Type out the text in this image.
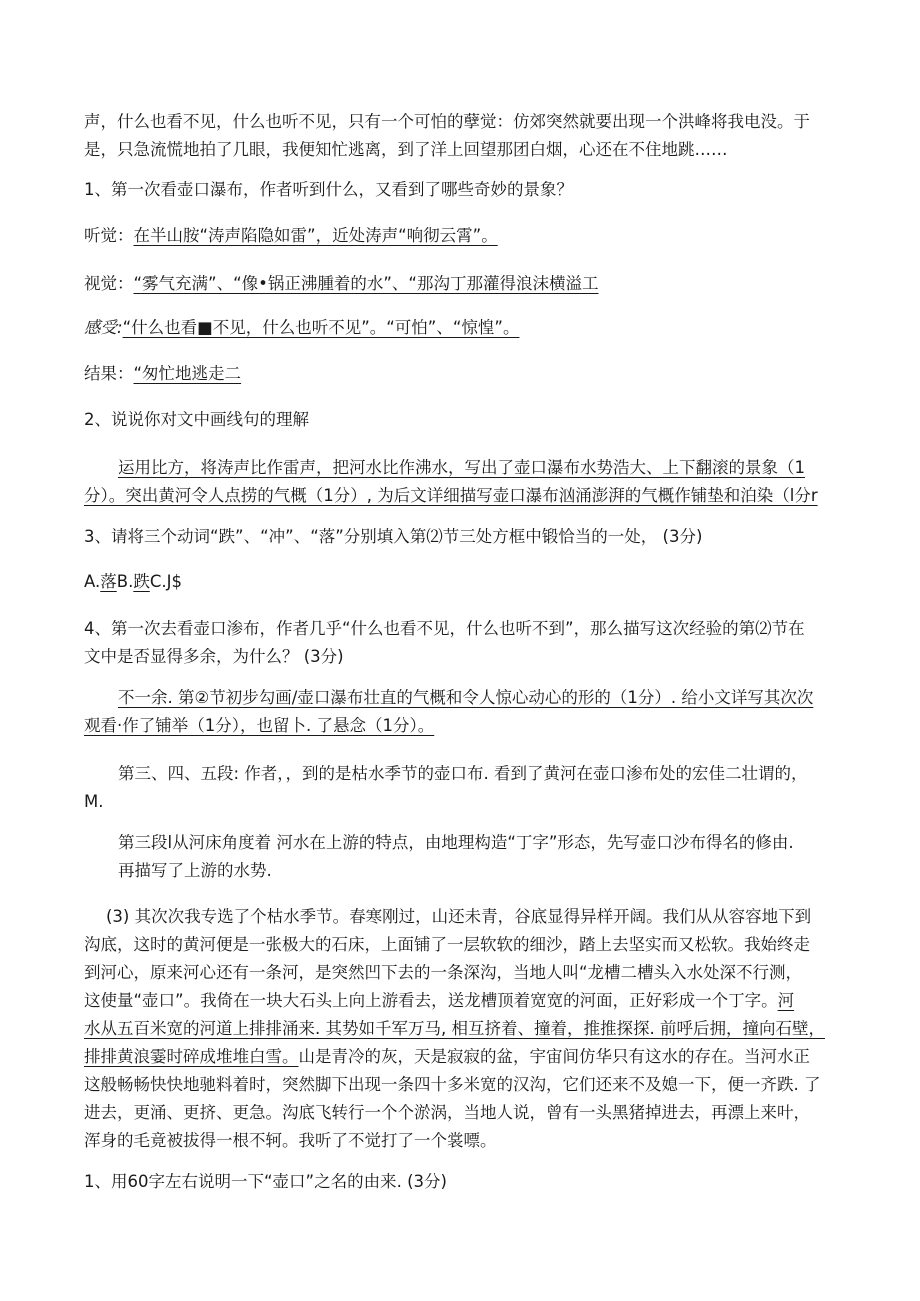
声，什么也看不见，什么也听不见，只有一个可怕的孽觉：仿郊突然就要出现一个洪峰将我电没。于
是，只急流慌地拍了几眼，我便知忙逃离，到了洋上回望那团白烟，心还在不住地跳……
1、第一次看壶口瀑布，作者听到什么，又看到了哪些奇妙的景象？
听觉：在半山胺“涛声陷隐如雷”，近处涛声“响彻云霄”。
视觉：“雾气充满”、“像•锅正沸腫着的水”、“那沟丁那灌得浪沫横溢工
感受:“什么也看■不见，什么也听不见”。“可怕”、“惊惶”。
结果：“匆忙地逃走二
2、说说你对文中画线句的理解
运用比方，将涛声比作雷声，把河水比作沸水，写出了壶口瀑布水势浩大、上下翻滚的景象（1
分）。突出黄河令人点捞的气概（1分）, 为后文详细描写壶口瀑布汹涌澎湃的气概作铺垫和泊染（l分r
3、请将三个动词“跌”、“冲”、“落”分别填入第⑵节三处方框中锻恰当的一处， (3分)
A.落B.跌C.J$
4、第一次去看壶口渗布，作者几乎“什么也看不见，什么也听不到”，那么描写这次经验的第⑵节在
文中是否显得多余，为什么？ (3分)
不一余. 第②节初步勾画/壶口瀑布壮直的气概和令人惊心动心的形的（1分）. 给小文详写其次次
观看·作了铺举（1分），也留卜. 了悬念（1分）。
第三、四、五段: 作者，，到的是枯水季节的壶口布. 看到了黄河在壶口渗布处的宏佳二壮谓的，
M.
第三段l从河床角度着 河水在上游的特点，由地理构造“丁字”形态，先写壶口沙布得名的修由.
再描写了上游的水势.
(3) 其次次我专选了个枯水季节。春寒刚过，山还未青，谷底显得异样开阔。我们从从容容地下到
沟底，这时的黄河便是一张极大的石床，上面铺了一层软软的细沙，踏上去坚实而又松软。我始终走
到河心，原来河心还有一条河，是突然凹下去的一条深沟，当地人叫“龙槽二槽头入水处深不行测，
这使量“壶口”。我倚在一块大石头上向上游看去，送龙槽顶着宽宽的河面，正好彩成一个丁字。河
水从五百米宽的河道上排排涌来. 其势如千军万马, 相互挤着、撞着，推推探探. 前呼后拥，撞向石壁，
排排黄浪霎时碎成堆堆白雪。山是青冷的灰，天是寂寂的盆，宇宙间仿华只有这水的存在。当河水正
这般畅畅快快地驰料着时，突然脚下出现一条四十多米宽的汉沟，它们还来不及媳一下，便一齐跌. 了
进去，更涌、更挤、更急。沟底飞转行一个个淤涡，当地人说，曾有一头黑猪掉进去，再漂上来叶，
浑身的毛竟被拔得一根不轲。我听了不觉打了一个裳嘌。
1、用60字左右说明一下“壶口”之名的由来. (3分)
